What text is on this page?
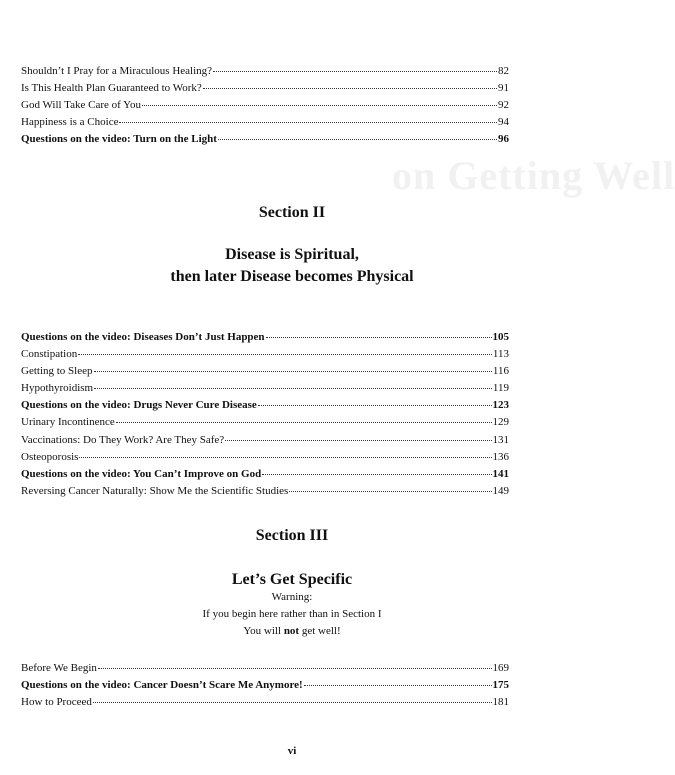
on Getting Well
Shouldn’t I Pray for a Miraculous Healing?	82
Is This Health Plan Guaranteed to Work?	91
God Will Take Care of You	92
Happiness is a Choice	94
Questions on the video: Turn on the Light	96
Section II
Disease is Spiritual,
then later Disease becomes Physical
Questions on the video: Diseases Don’t Just Happen	105
Constipation	113
Getting to Sleep	116
Hypothyroidism	119
Questions on the video: Drugs Never Cure Disease	123
Urinary Incontinence	129
Vaccinations: Do They Work? Are They Safe?	131
Osteoporosis	136
Questions on the video: You Can’t Improve on God	141
Reversing Cancer Naturally: Show Me the Scientific Studies	149
Section III
Let’s Get Specific
Warning:
If you begin here rather than in Section I
You will not get well!
Before We Begin	169
Questions on the video: Cancer Doesn’t Scare Me Anymore!	175
How to Proceed	181
vi
